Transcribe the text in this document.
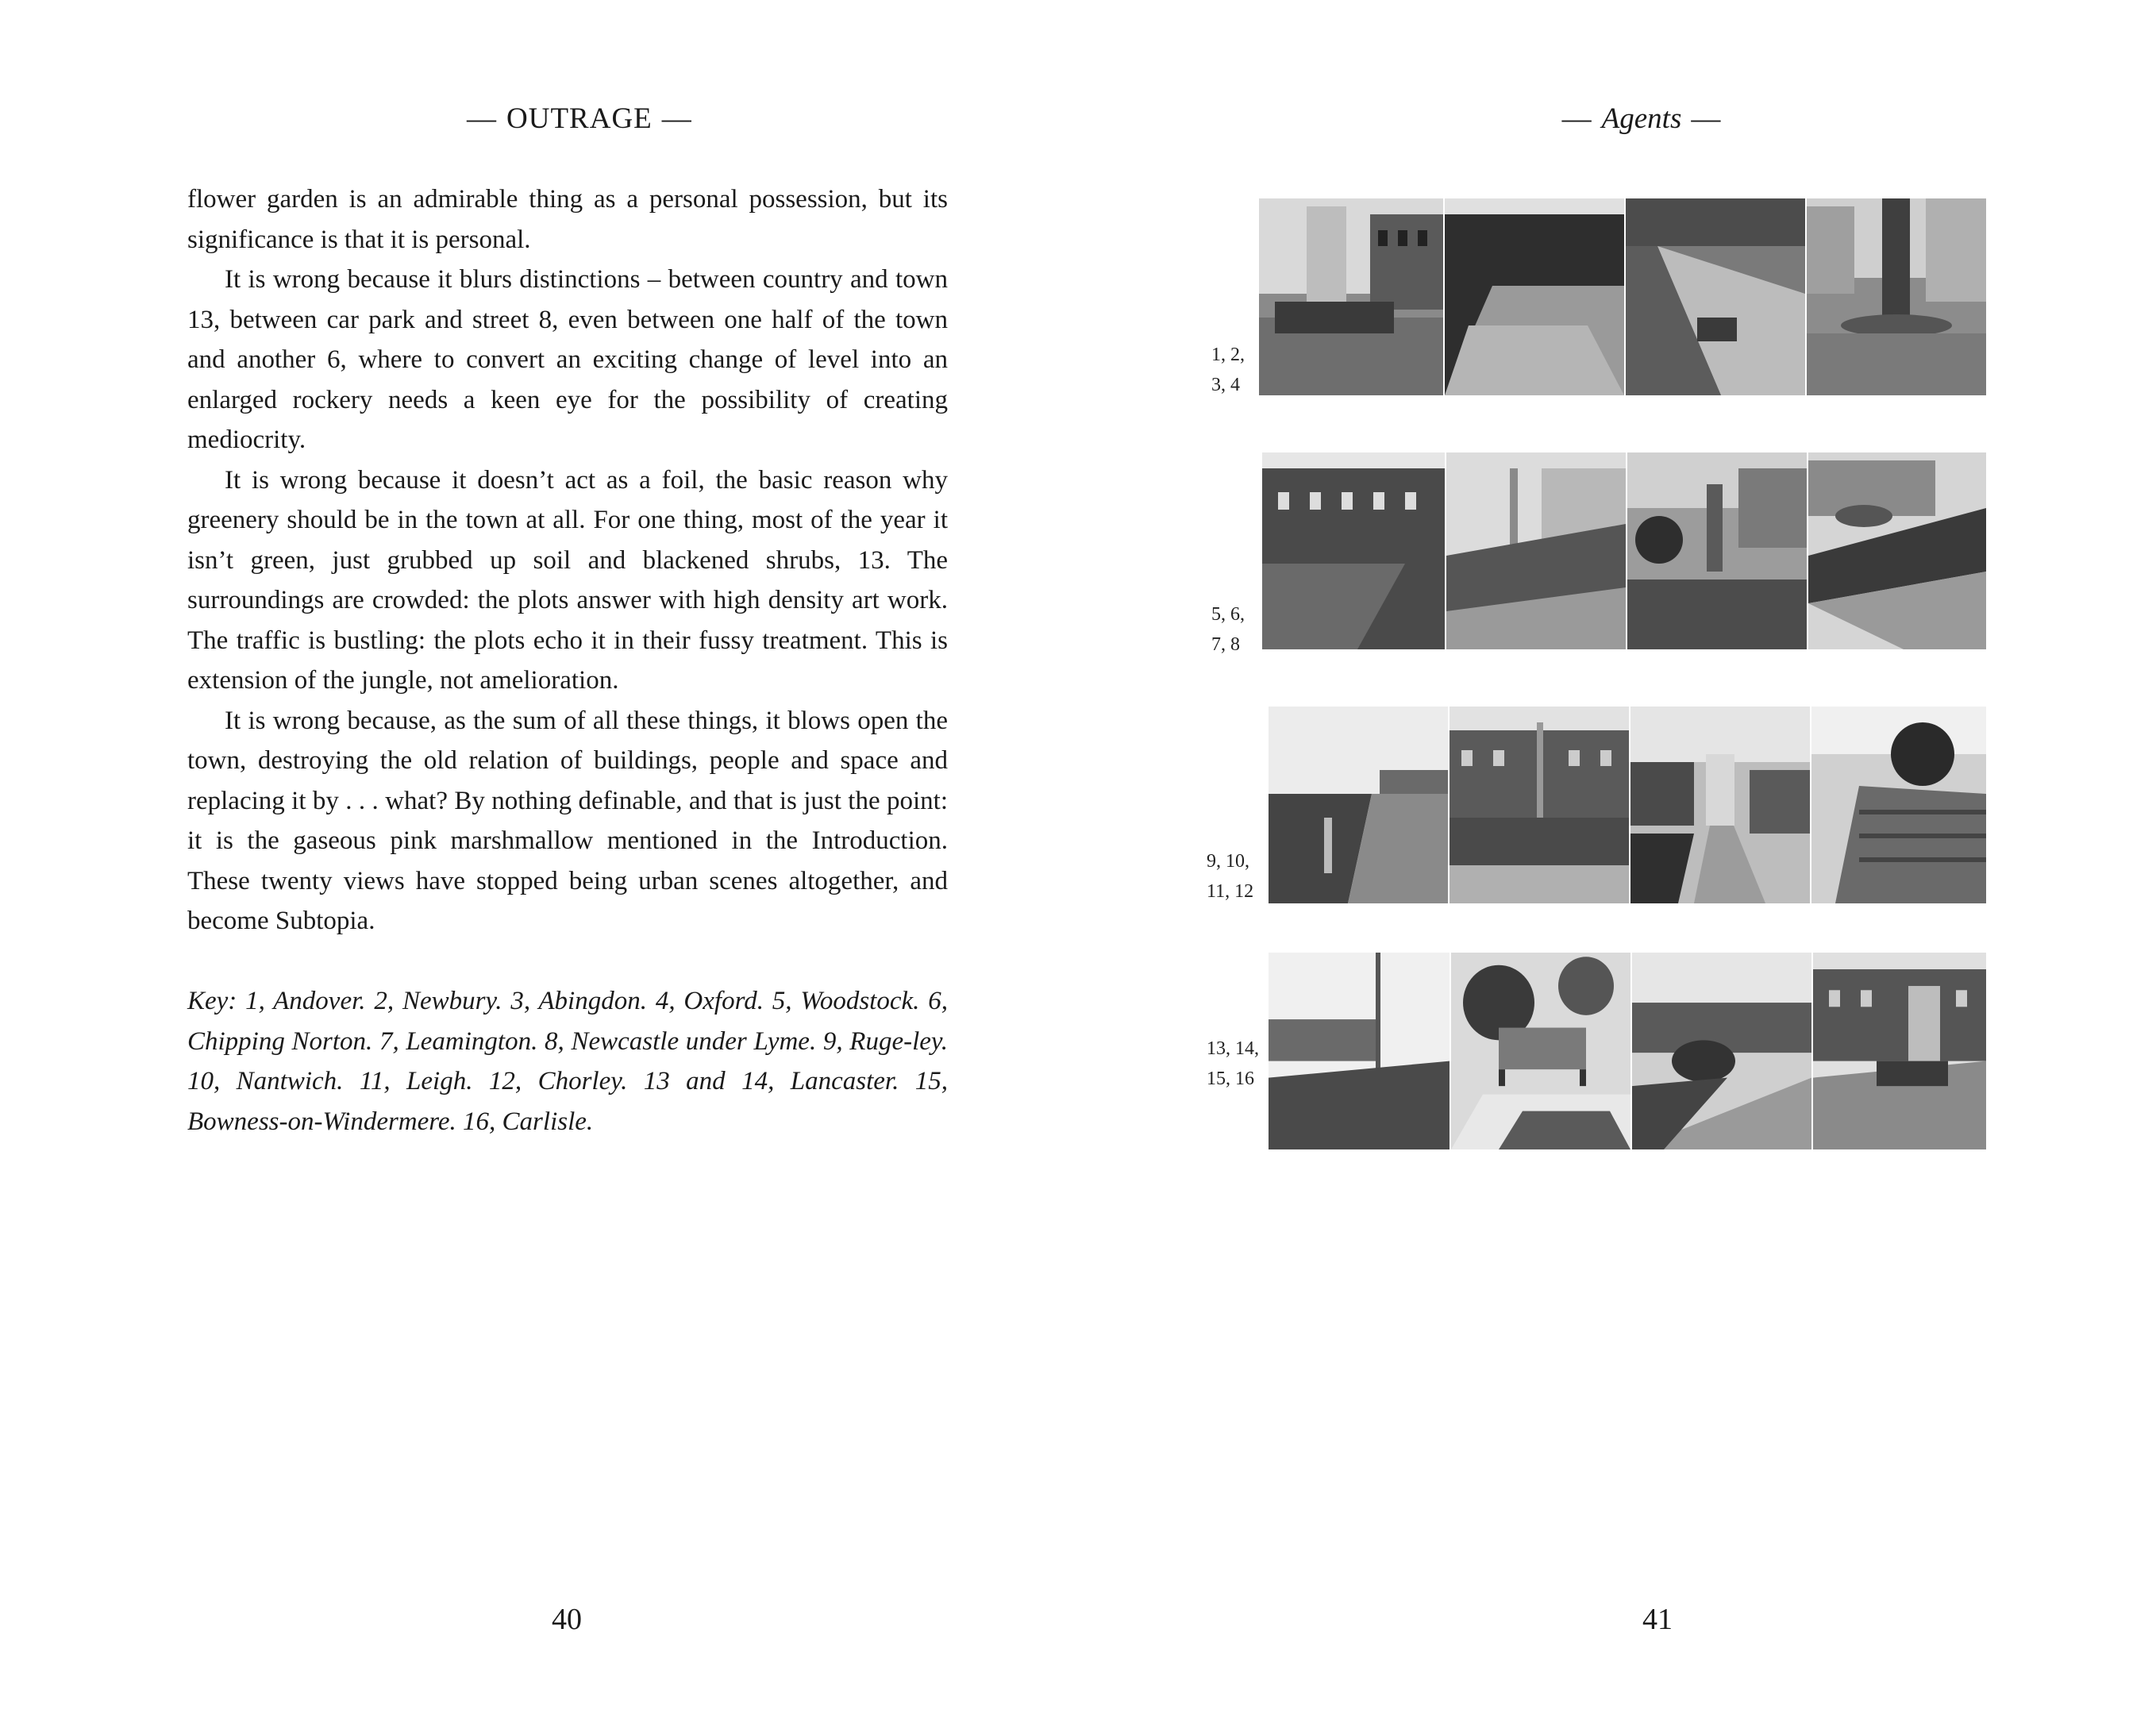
— OUTRAGE —

flower garden is an admirable thing as a personal possession, but its significance is that it is personal.

It is wrong because it blurs distinctions – between country and town 13, between car park and street 8, even between one half of the town and another 6, where to convert an exciting change of level into an enlarged rockery needs a keen eye for the possibility of creating mediocrity.

It is wrong because it doesn’t act as a foil, the basic reason why greenery should be in the town at all. For one thing, most of the year it isn’t green, just grubbed up soil and blackened shrubs, 13. The surroundings are crowded: the plots answer with high density art work. The traffic is bustling: the plots echo it in their fussy treatment. This is extension of the jungle, not amelioration.

It is wrong because, as the sum of all these things, it blows open the town, destroying the old relation of buildings, people and space and replacing it by . . . what? By nothing definable, and that is just the point: it is the gaseous pink marshmallow mentioned in the Introduction. These twenty views have stopped being urban scenes altogether, and become Subtopia.

Key: 1, Andover. 2, Newbury. 3, Abingdon. 4, Oxford. 5, Woodstock. 6, Chipping Norton. 7, Leamington. 8, Newcastle under Lyme. 9, Ruge-ley. 10, Nantwich. 11, Leigh. 12, Chorley. 13 and 14, Lancaster. 15, Bowness-on-Windermere. 16, Carlisle.

40
— Agents —
1, 2,
3, 4
5, 6,
7, 8
9, 10,
11, 12
13, 14,
15, 16
41
